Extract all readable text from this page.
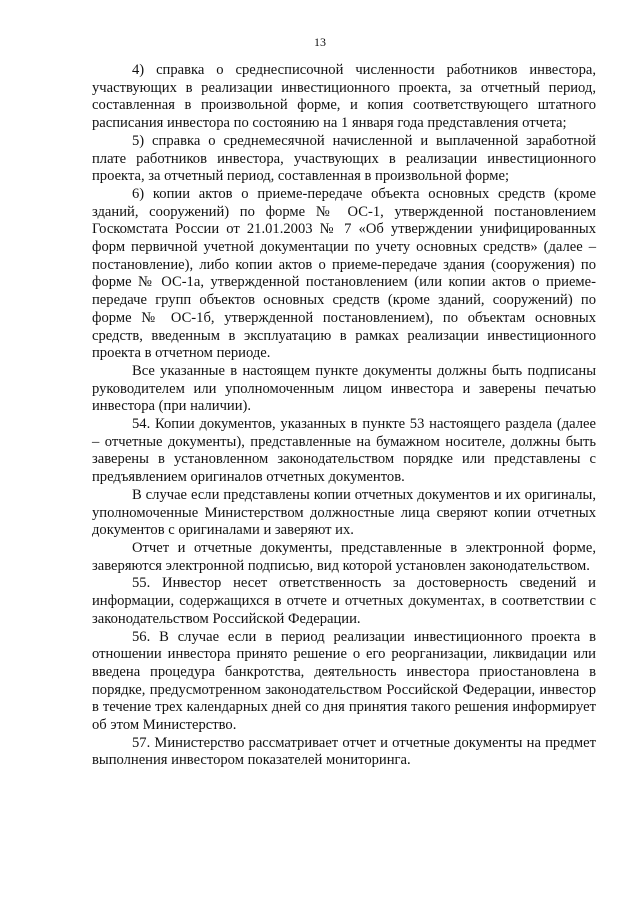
13

4) справка о среднесписочной численности работников инвестора, участвующих в реализации инвестиционного проекта, за отчетный период, составленная в произвольной форме, и копия соответствующего штатного расписания инвестора по состоянию на 1 января года представления отчета;

5) справка о среднемесячной начисленной и выплаченной заработной плате работников инвестора, участвующих в реализации инвестиционного проекта, за отчетный период, составленная в произвольной форме;

6) копии актов о приеме-передаче объекта основных средств (кроме зданий, сооружений) по форме № ОС-1, утвержденной постановлением Госкомстата России от 21.01.2003 № 7 «Об утверждении унифицированных форм первичной учетной документации по учету основных средств» (далее – постановление), либо копии актов о приеме-передаче здания (сооружения) по форме № ОС-1а, утвержденной постановлением (или копии актов о приеме-передаче групп объектов основных средств (кроме зданий, сооружений) по форме № ОС-1б, утвержденной постановлением), по объектам основных средств, введенным в эксплуатацию в рамках реализации инвестиционного проекта в отчетном периоде.

Все указанные в настоящем пункте документы должны быть подписаны руководителем или уполномоченным лицом инвестора и заверены печатью инвестора (при наличии).

54. Копии документов, указанных в пункте 53 настоящего раздела (далее – отчетные документы), представленные на бумажном носителе, должны быть заверены в установленном законодательством порядке или представлены с предъявлением оригиналов отчетных документов.

В случае если представлены копии отчетных документов и их оригиналы, уполномоченные Министерством должностные лица сверяют копии отчетных документов с оригиналами и заверяют их.

Отчет и отчетные документы, представленные в электронной форме, заверяются электронной подписью, вид которой установлен законодательством.

55. Инвестор несет ответственность за достоверность сведений и информации, содержащихся в отчете и отчетных документах, в соответствии с законодательством Российской Федерации.

56. В случае если в период реализации инвестиционного проекта в отношении инвестора принято решение о его реорганизации, ликвидации или введена процедура банкротства, деятельность инвестора приостановлена в порядке, предусмотренном законодательством Российской Федерации, инвестор в течение трех календарных дней со дня принятия такого решения информирует об этом Министерство.

57. Министерство рассматривает отчет и отчетные документы на предмет выполнения инвестором показателей мониторинга.
